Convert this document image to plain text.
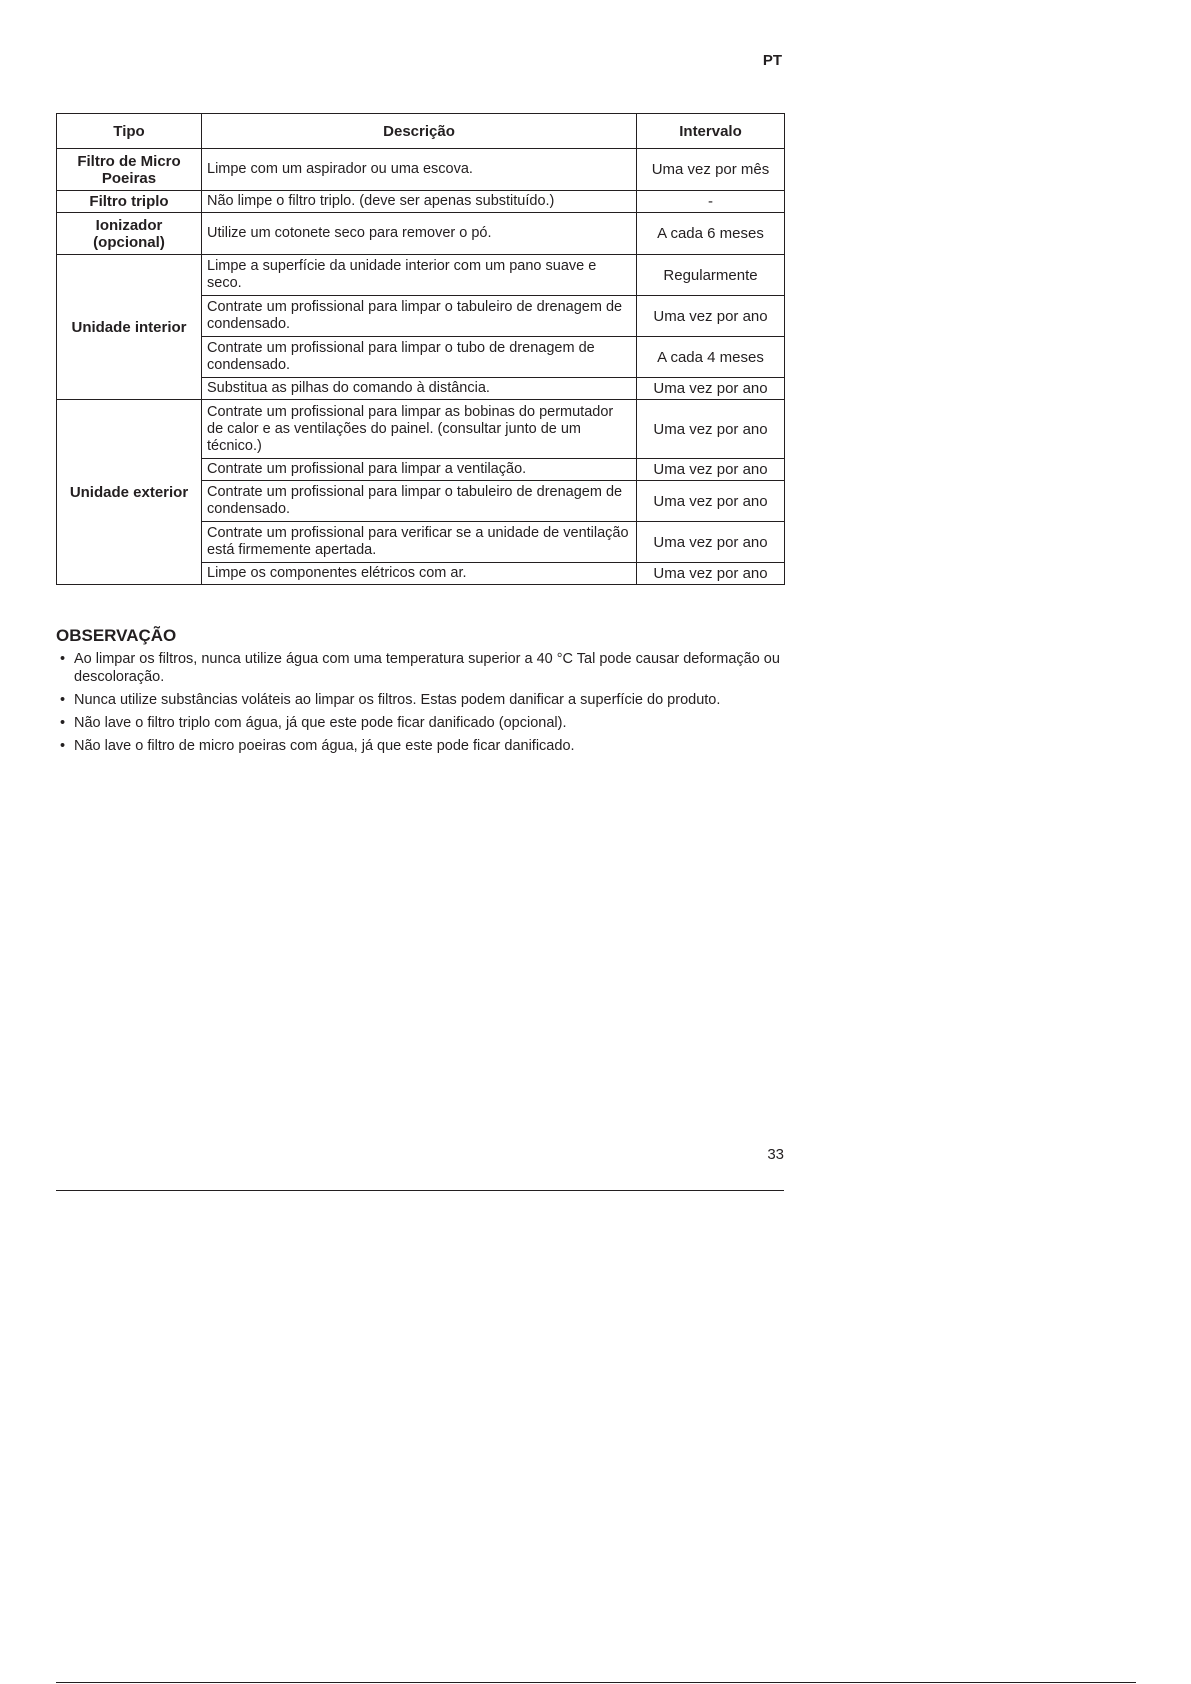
PT
Tipo	Descrição	Intervalo
Filtro de Micro Poeiras	Limpe com um aspirador ou uma escova.	Uma vez por mês
Filtro triplo	Não limpe o filtro triplo. (deve ser apenas substituído.)	-
Ionizador (opcional)	Utilize um cotonete seco para remover o pó.	A cada 6 meses
Unidade interior	Limpe a superfície da unidade interior com um pano suave e seco.	Regularmente
	Contrate um profissional para limpar o tabuleiro de drenagem de condensado.	Uma vez por ano
	Contrate um profissional para limpar o tubo de drenagem de condensado.	A cada 4 meses
	Substitua as pilhas do comando à distância.	Uma vez por ano
Unidade exterior	Contrate um profissional para limpar as bobinas do permutador de calor e as ventilações do painel. (consultar junto de um técnico.)	Uma vez por ano
	Contrate um profissional para limpar a ventilação.	Uma vez por ano
	Contrate um profissional para limpar o tabuleiro de drenagem de condensado.	Uma vez por ano
	Contrate um profissional para verificar se a unidade de ventilação está firmemente apertada.	Uma vez por ano
	Limpe os componentes elétricos com ar.	Uma vez por ano
OBSERVAÇÃO
• Ao limpar os filtros, nunca utilize água com uma temperatura superior a 40 °C Tal pode causar deformação ou descoloração.
• Nunca utilize substâncias voláteis ao limpar os filtros. Estas podem danificar a superfície do produto.
• Não lave o filtro triplo com água, já que este pode ficar danificado (opcional).
• Não lave o filtro de micro poeiras com água, já que este pode ficar danificado.
33
